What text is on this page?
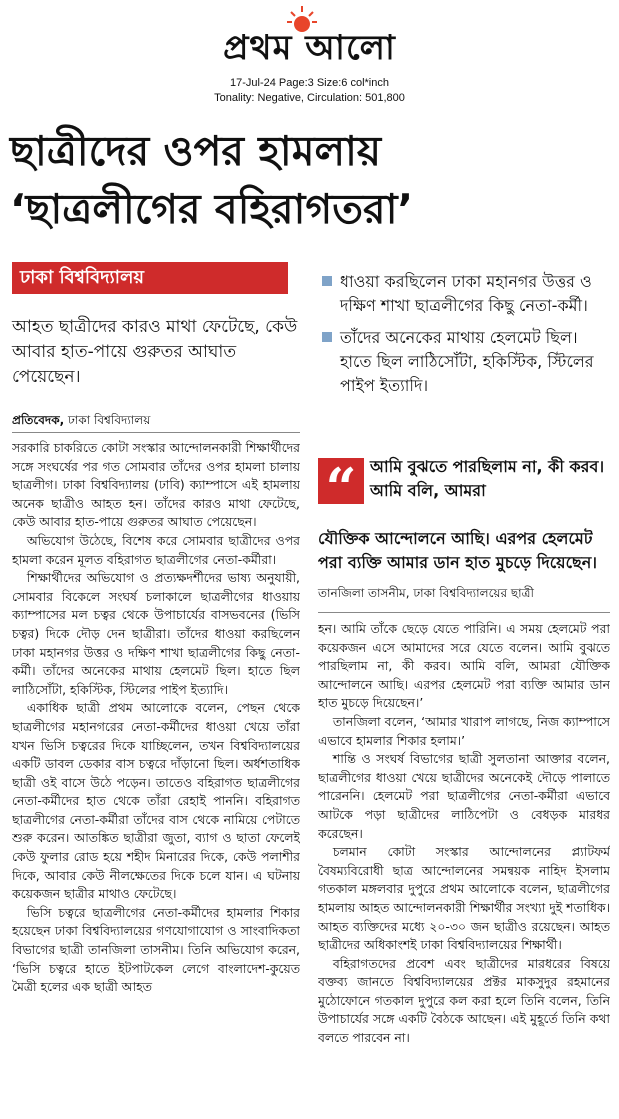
প্রথম আলো
17-Jul-24 Page:3 Size:6 col*inch
Tonality: Negative, Circulation: 501,800
ছাত্রীদের ওপর হামলায়
‘ছাত্রলীগের বহিরাগতরা’
ঢাকা বিশ্ববিদ্যালয়
আহত ছাত্রীদের কারও মাথা ফেটেছে, কেউ আবার হাত-পায়ে গুরুতর আঘাত পেয়েছেন।
প্রতিবেদক, ঢাকা বিশ্ববিদ্যালয়
ধাওয়া করছিলেন ঢাকা মহানগর উত্তর ও দক্ষিণ শাখা ছাত্রলীগের কিছু নেতা-কর্মী।
তাঁদের অনেকের মাথায় হেলমেট ছিল। হাতে ছিল লাঠিসোঁটা, হকিস্টিক, স্টিলের পাইপ ইত্যাদি।
“ আমি বুঝতে পারছিলাম না, কী করব। আমি বলি, আমরা
যৌক্তিক আন্দোলনে আছি। এরপর হেলমেট পরা ব্যক্তি আমার ডান হাত মুচড়ে দিয়েছেন।
তানজিলা তাসনীম, ঢাকা বিশ্ববিদ্যালয়ের ছাত্রী

সরকারি চাকরিতে কোটা সংস্কার আন্দোলনকারী শিক্ষার্থীদের সঙ্গে সংঘর্ষের পর গত সোমবার তাঁদের ওপর হামলা চালায় ছাত্রলীগ। ঢাকা বিশ্ববিদ্যালয় (ঢাবি) ক্যাম্পাসে এই হামলায় অনেক ছাত্রীও আহত হন। তাঁদের কারও মাথা ফেটেছে, কেউ আবার হাত-পায়ে গুরুতর আঘাত পেয়েছেন।

অভিযোগ উঠেছে, বিশেষ করে সোমবার ছাত্রীদের ওপর হামলা করেন মূলত বহিরাগত ছাত্রলীগের নেতা-কর্মীরা।

শিক্ষার্থীদের অভিযোগ ও প্রত্যক্ষদর্শীদের ভাষ্য অনুযায়ী, সোমবার বিকেলে সংঘর্ষ চলাকালে ছাত্রলীগের ধাওয়ায় ক্যাম্পাসের মল চত্বর থেকে উপাচার্যের বাসভবনের (ভিসি চত্বর) দিকে দৌড় দেন ছাত্রীরা। তাঁদের ধাওয়া করছিলেন ঢাকা মহানগর উত্তর ও দক্ষিণ শাখা ছাত্রলীগের কিছু নেতা-কর্মী। তাঁদের অনেকের মাথায় হেলমেট ছিল। হাতে ছিল লাঠিসোঁটা, হকিস্টিক, স্টিলের পাইপ ইত্যাদি।

একাধিক ছাত্রী প্রথম আলোকে বলেন, পেছন থেকে ছাত্রলীগের মহানগরের নেতা-কর্মীদের ধাওয়া খেয়ে তাঁরা যখন ভিসি চত্বরের দিকে যাচ্ছিলেন, তখন বিশ্ববিদ্যালয়ের একটি ডাবল ডেকার বাস চত্বরে দাঁড়ানো ছিল। অর্ধশতাধিক ছাত্রী ওই বাসে উঠে পড়েন। তাতেও বহিরাগত ছাত্রলীগের নেতা-কর্মীদের হাত থেকে তাঁরা রেহাই পাননি। বহিরাগত ছাত্রলীগের নেতা-কর্মীরা তাঁদের বাস থেকে নামিয়ে পেটাতে শুরু করেন। আতঙ্কিত ছাত্রীরা জুতা, ব্যাগ ও ছাতা ফেলেই কেউ ফুলার রোড হয়ে শহীদ মিনারের দিকে, কেউ পলাশীর দিকে, আবার কেউ নীলক্ষেতের দিকে চলে যান। এ ঘটনায় কয়েকজন ছাত্রীর মাথাও ফেটেছে।

ভিসি চত্বরে ছাত্রলীগের নেতা-কর্মীদের হামলার শিকার হয়েছেন ঢাকা বিশ্ববিদ্যালয়ের গণযোগাযোগ ও সাংবাদিকতা বিভাগের ছাত্রী তানজিলা তাসনীম। তিনি অভিযোগ করেন, ‘ভিসি চত্বরে হাতে ইটপাটকেল লেগে বাংলাদেশ-কুয়েত মৈত্রী হলের এক ছাত্রী আহত

হন। আমি তাঁকে ছেড়ে যেতে পারিনি। এ সময় হেলমেট পরা কয়েকজন এসে আমাদের সরে যেতে বলেন। আমি বুঝতে পারছিলাম না, কী করব। আমি বলি, আমরা যৌক্তিক আন্দোলনে আছি। এরপর হেলমেট পরা ব্যক্তি আমার ডান হাত মুচড়ে দিয়েছেন।’

তানজিলা বলেন, ‘আমার খারাপ লাগছে, নিজ ক্যাম্পাসে এভাবে হামলার শিকার হলাম।’

শান্তি ও সংঘর্ষ বিভাগের ছাত্রী সুলতানা আক্তার বলেন, ছাত্রলীগের ধাওয়া খেয়ে ছাত্রীদের অনেকেই দৌড়ে পালাতে পারেননি। হেলমেট পরা ছাত্রলীগের নেতা-কর্মীরা এভাবে আটকে পড়া ছাত্রীদের লাঠিপেটা ও বেধড়ক মারধর করেছেন।

চলমান কোটা সংস্কার আন্দোলনের প্ল্যাটফর্ম বৈষম্যবিরোধী ছাত্র আন্দোলনের সমন্বয়ক নাহিদ ইসলাম গতকাল মঙ্গলবার দুপুরে প্রথম আলোকে বলেন, ছাত্রলীগের হামলায় আহত আন্দোলনকারী শিক্ষার্থীর সংখ্যা দুই শতাধিক। আহত ব্যক্তিদের মধ্যে ২০-৩০ জন ছাত্রীও রয়েছেন। আহত ছাত্রীদের অধিকাংশই ঢাকা বিশ্ববিদ্যালয়ের শিক্ষার্থী।

বহিরাগতদের প্রবেশ এবং ছাত্রীদের মারধরের বিষয়ে বক্তব্য জানতে বিশ্ববিদ্যালয়ের প্রক্টর মাকসুদুর রহমানের মুঠোফোনে গতকাল দুপুরে কল করা হলে তিনি বলেন, তিনি উপাচার্যের সঙ্গে একটি বৈঠকে আছেন। এই মুহূর্তে তিনি কথা বলতে পারবেন না।
